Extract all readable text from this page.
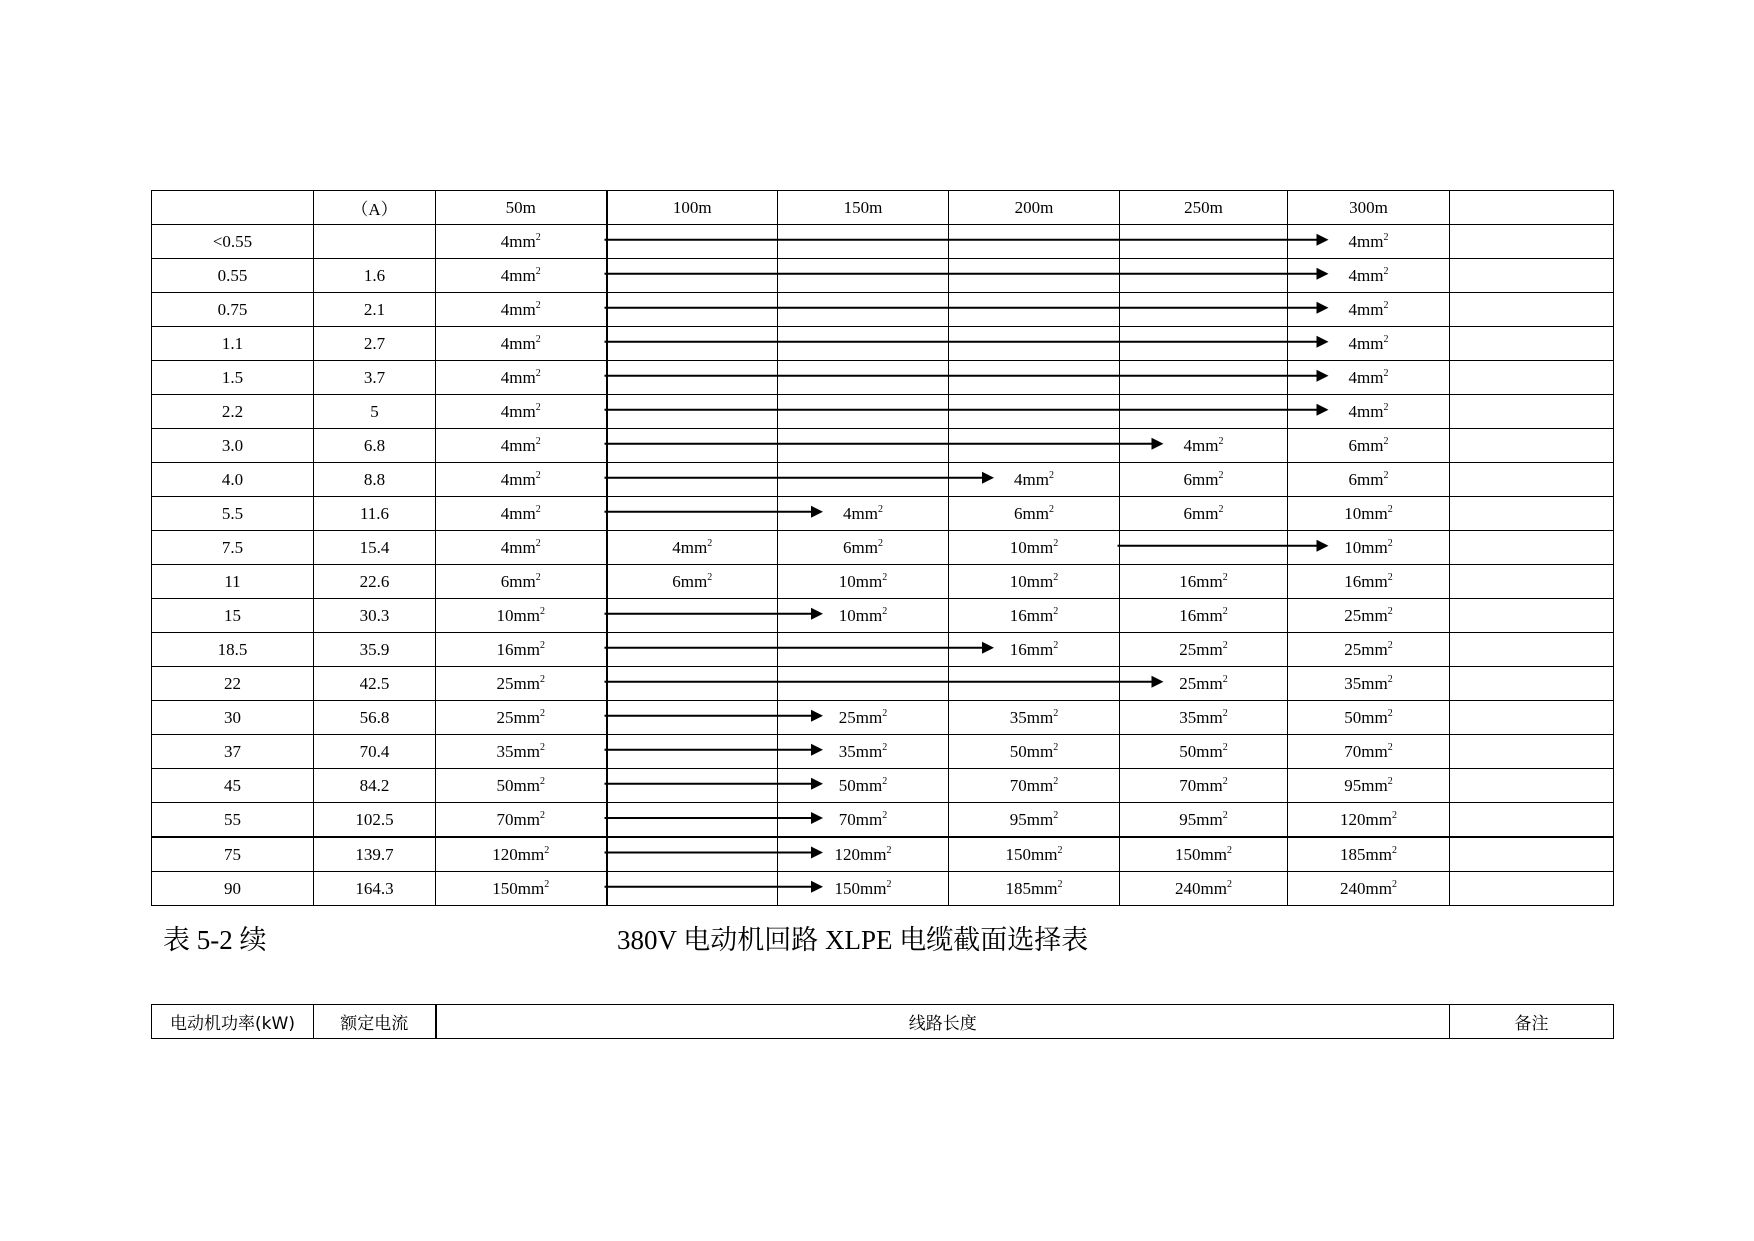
	（A）	50m	100m	150m	200m	250m	300m	
<0.55		$4mm^2$					$4mm^2$	
0.55	1.6	$4mm^2$					$4mm^2$	
0.75	2.1	$4mm^2$					$4mm^2$	
1.1	2.7	$4mm^2$					$4mm^2$	
1.5	3.7	$4mm^2$					$4mm^2$	
2.2	5	$4mm^2$					$4mm^2$	
3.0	6.8	$4mm^2$				$4mm^2$	$6mm^2$	
4.0	8.8	$4mm^2$			$4mm^2$	$6mm^2$	$6mm^2$	
5.5	11.6	$4mm^2$		$4mm^2$	$6mm^2$	$6mm^2$	$10mm^2$	
7.5	15.4	$4mm^2$	$4mm^2$	$6mm^2$	$10mm^2$		$10mm^2$	
11	22.6	$6mm^2$	$6mm^2$	$10mm^2$	$10mm^2$	$16mm^2$	$16mm^2$	
15	30.3	$10mm^2$		$10mm^2$	$16mm^2$	$16mm^2$	$25mm^2$	
18.5	35.9	$16mm^2$			$16mm^2$	$25mm^2$	$25mm^2$	
22	42.5	$25mm^2$				$25mm^2$	$35mm^2$	
30	56.8	$25mm^2$		$25mm^2$	$35mm^2$	$35mm^2$	$50mm^2$	
37	70.4	$35mm^2$		$35mm^2$	$50mm^2$	$50mm^2$	$70mm^2$	
45	84.2	$50mm^2$		$50mm^2$	$70mm^2$	$70mm^2$	$95mm^2$	
55	102.5	$70mm^2$		$70mm^2$	$95mm^2$	$95mm^2$	$120mm^2$	
75	139.7	$120mm^2$		$120mm^2$	$150mm^2$	$150mm^2$	$185mm^2$	
90	164.3	$150mm^2$		$150mm^2$	$185mm^2$	$240mm^2$	$240mm^2$	
表 5-2 续	380V 电动机回路 XLPE 电缆截面选择表
电动机功率(kW)	额定电流	线路长度	备注
